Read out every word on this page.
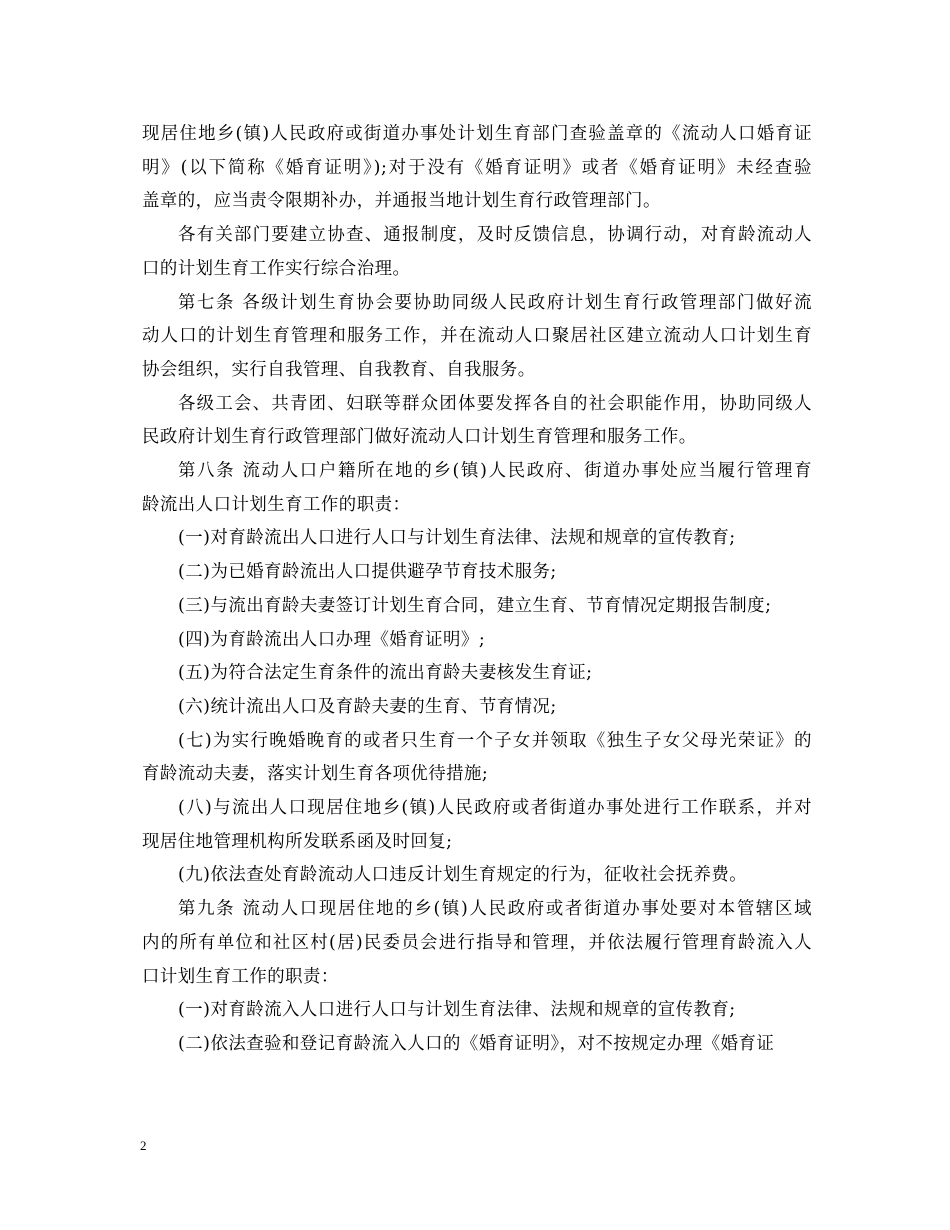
现居住地乡(镇)人民政府或街道办事处计划生育部门查验盖章的《流动人口婚育证
明》(以下简称《婚育证明》);对于没有《婚育证明》或者《婚育证明》未经查验
盖章的，应当责令限期补办，并通报当地计划生育行政管理部门。
各有关部门要建立协查、通报制度，及时反馈信息，协调行动，对育龄流动人
口的计划生育工作实行综合治理。
第七条 各级计划生育协会要协助同级人民政府计划生育行政管理部门做好流
动人口的计划生育管理和服务工作，并在流动人口聚居社区建立流动人口计划生育
协会组织，实行自我管理、自我教育、自我服务。
各级工会、共青团、妇联等群众团体要发挥各自的社会职能作用，协助同级人
民政府计划生育行政管理部门做好流动人口计划生育管理和服务工作。
第八条 流动人口户籍所在地的乡(镇)人民政府、街道办事处应当履行管理育
龄流出人口计划生育工作的职责：
(一)对育龄流出人口进行人口与计划生育法律、法规和规章的宣传教育;
(二)为已婚育龄流出人口提供避孕节育技术服务;
(三)与流出育龄夫妻签订计划生育合同，建立生育、节育情况定期报告制度;
(四)为育龄流出人口办理《婚育证明》;
(五)为符合法定生育条件的流出育龄夫妻核发生育证;
(六)统计流出人口及育龄夫妻的生育、节育情况;
(七)为实行晚婚晚育的或者只生育一个子女并领取《独生子女父母光荣证》的
育龄流动夫妻，落实计划生育各项优待措施;
(八)与流出人口现居住地乡(镇)人民政府或者街道办事处进行工作联系，并对
现居住地管理机构所发联系函及时回复;
(九)依法查处育龄流动人口违反计划生育规定的行为，征收社会抚养费。
第九条 流动人口现居住地的乡(镇)人民政府或者街道办事处要对本管辖区域
内的所有单位和社区村(居)民委员会进行指导和管理，并依法履行管理育龄流入人
口计划生育工作的职责：
(一)对育龄流入人口进行人口与计划生育法律、法规和规章的宣传教育;
(二)依法查验和登记育龄流入人口的《婚育证明》，对不按规定办理《婚育证
2
